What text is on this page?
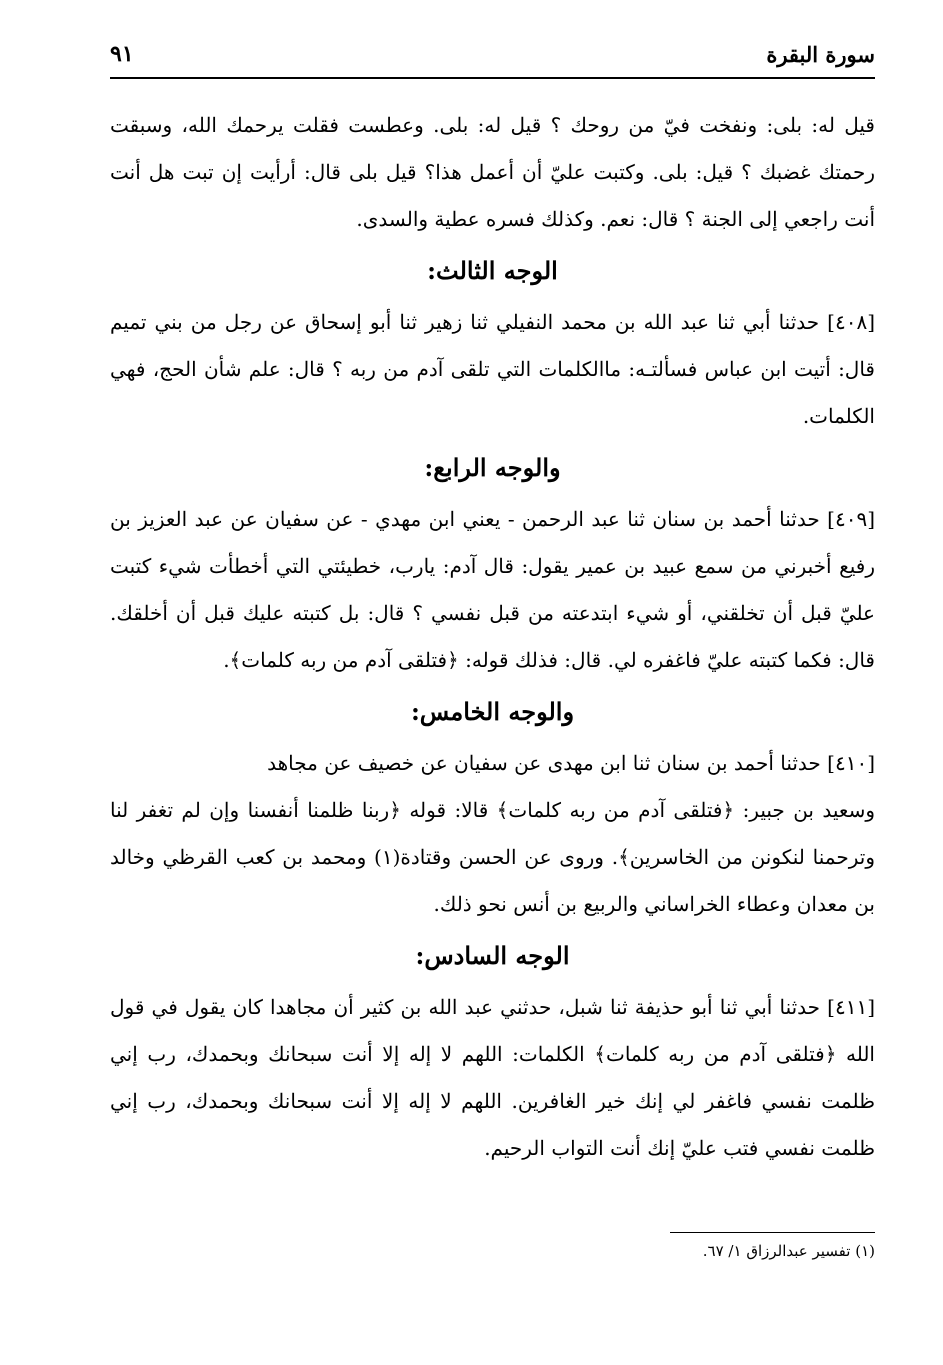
سورة البقرة
٩١

قيل له: بلى: ونفخت فيّ من روحك ؟ قيل له: بلى. وعطست فقلت يرحمك الله، وسبقت رحمتك غضبك ؟ قيل: بلى. وكتبت عليّ أن أعمل هذا؟ قيل بلى قال: أرأيت إن تبت هل أنت أنت راجعي إلى الجنة ؟ قال: نعم. وكذلك فسره عطية والسدى.

الوجه الثالث:

[٤٠٨] حدثنا أبي ثنا عبد الله بن محمد النفيلي ثنا زهير ثنا أبو إسحاق عن رجل من بني تميم قال: أتيت ابن عباس فسألتـه: ماالكلمات التي تلقى آدم من ربه ؟ قال: علم شأن الحج، فهي الكلمات.

والوجه الرابع:

[٤٠٩] حدثنا أحمد بن سنان ثنا عبد الرحمن - يعني ابن مهدي - عن سفيان عن عبد العزيز بن رفيع أخبرني من سمع عبيد بن عمير يقول: قال آدم: يارب، خطيئتي التي أخطأت شيء كتبت عليّ قبل أن تخلقني، أو شيء ابتدعته من قبل نفسي ؟ قال: بل كتبته عليك قبل أن أخلقك. قال: فكما كتبته عليّ فاغفره لي. قال: فذلك قوله: ﴿فتلقى آدم من ربه كلمات﴾.

والوجه الخامس:

[٤١٠] حدثنا أحمد بن سنان ثنا ابن مهدى عن سفيان عن خصيف عن مجاهد

وسعيد بن جبير: ﴿فتلقى آدم من ربه كلمات﴾ قالا: قوله ﴿ربنا ظلمنا أنفسنا وإن لم تغفر لنا وترحمنا لنكونن من الخاسرين﴾. وروى عن الحسن وقتادة(١) ومحمد بن كعب القرظي وخالد بن معدان وعطاء الخراساني والربيع بن أنس نحو ذلك.

الوجه السادس:

[٤١١] حدثنا أبي ثنا أبو حذيفة ثنا شبل، حدثني عبد الله بن كثير أن مجاهدا كان يقول في قول الله ﴿فتلقى آدم من ربه كلمات﴾ الكلمات: اللهم لا إله إلا أنت سبحانك وبحمدك، رب إني ظلمت نفسي فاغفر لي إنك خير الغافرين. اللهم لا إله إلا أنت سبحانك وبحمدك، رب إني ظلمت نفسي فتب عليّ إنك أنت التواب الرحيم.

(١) تفسير عبدالرزاق ١/ ٦٧.
